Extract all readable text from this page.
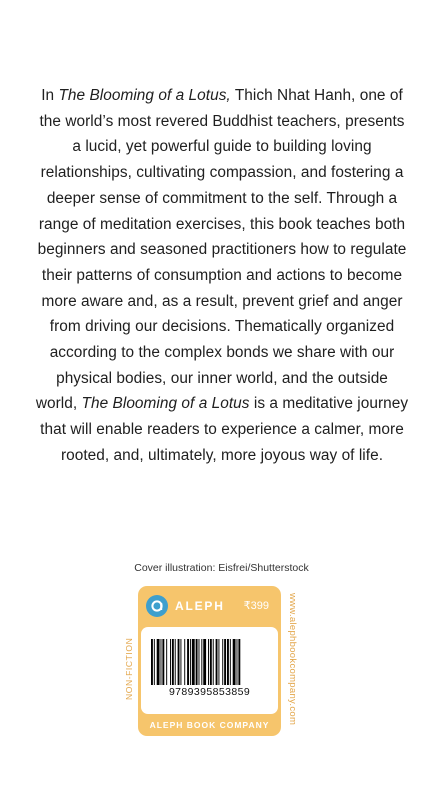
In The Blooming of a Lotus, Thich Nhat Hanh, one of the world’s most revered Buddhist teachers, presents a lucid, yet powerful guide to building loving relationships, cultivating compassion, and fostering a deeper sense of commitment to the self. Through a range of meditation exercises, this book teaches both beginners and seasoned practitioners how to regulate their patterns of consumption and actions to become more aware and, as a result, prevent grief and anger from driving our decisions. Thematically organized according to the complex bonds we share with our physical bodies, our inner world, and the outside world, The Blooming of a Lotus is a meditative journey that will enable readers to experience a calmer, more rooted, and, ultimately, more joyous way of life.
Cover illustration: Eisfrei/Shutterstock
ALEPH ₹399
9789395853859
ALEPH BOOK COMPANY
NON-FICTION	www.alephbookcompany.com
